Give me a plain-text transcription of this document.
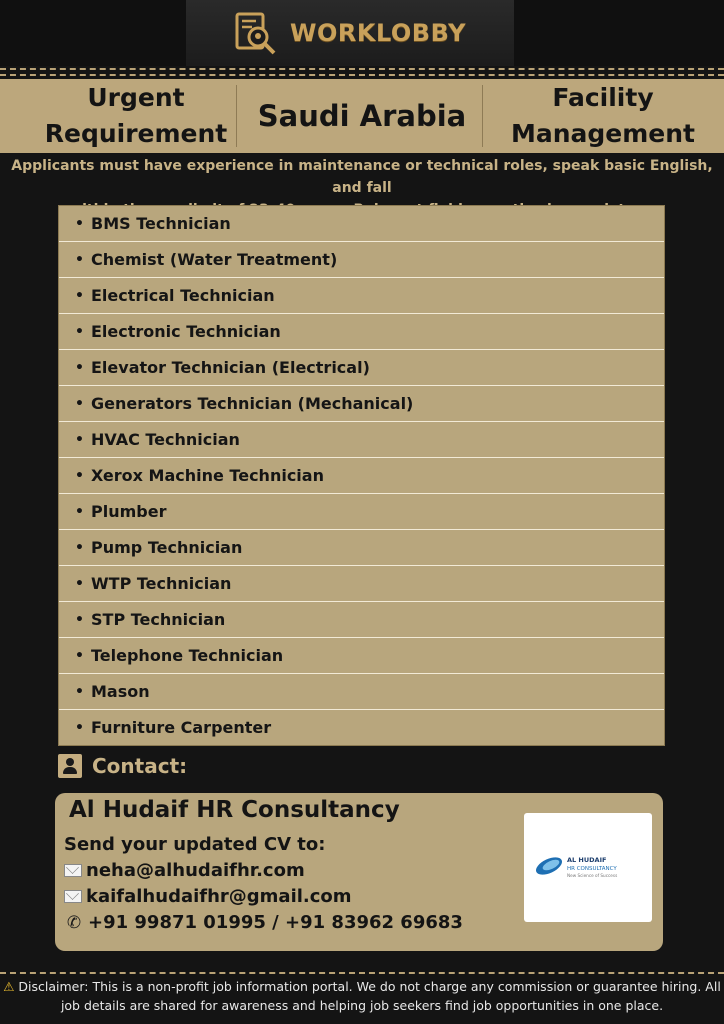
WORKLOBBY
Urgent
Requirement
Saudi Arabia
Facility
Management
Applicants must have experience in maintenance or technical roles, speak basic English, and fall
• BMS Technician
• Chemist (Water Treatment)
• Electrical Technician
• Electronic Technician
• Elevator Technician (Electrical)
• Generators Technician (Mechanical)
• HVAC Technician
• Xerox Machine Technician
• Plumber
• Pump Technician
• WTP Technician
• STP Technician
• Telephone Technician
• Mason
• Furniture Carpenter
Contact:
Al Hudaif HR Consultancy
Send your updated CV to:
neha@alhudaifhr.com
kaifalhudaifhr@gmail.com
✆ +91 99871 01995 / +91 83962 69683
AL HUDAIF
HR CONSULTANCY
New Science of Success
⚠ Disclaimer: This is a non-profit job information portal. We do not charge any commission or guarantee hiring. All
job details are shared for awareness and helping job seekers find job opportunities in one place.
